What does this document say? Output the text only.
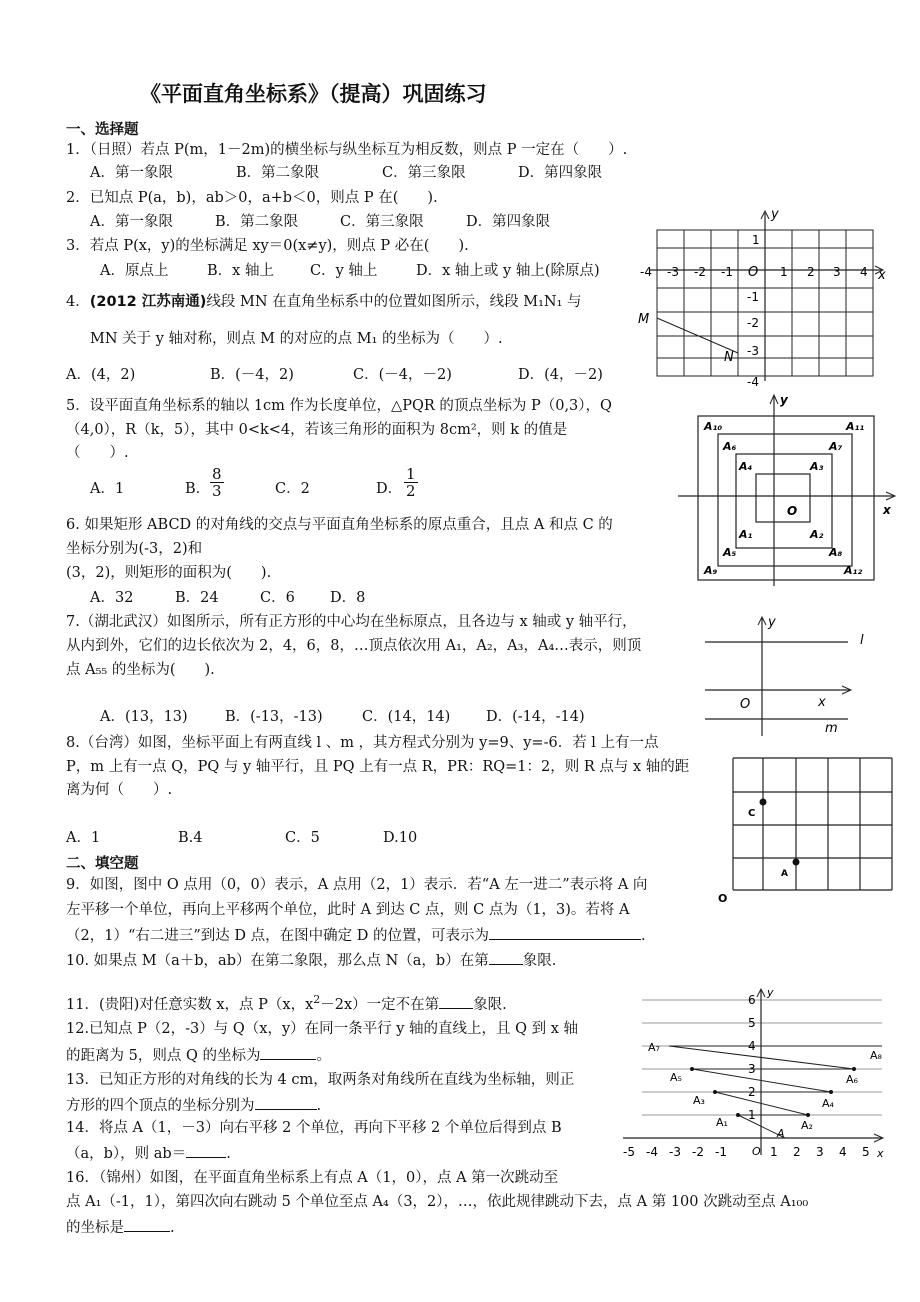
《平面直角坐标系》（提高）巩固练习
一、选择题
1．（日照）若点 P(m，1－2m)的横坐标与纵坐标互为相反数，则点 P 一定在（　　）.
A．第一象限	B．第二象限	C．第三象限	D．第四象限
2．已知点 P(a，b)，ab＞0，a+b＜0，则点 P 在(　　).
A．第一象限	B．第二象限	C．第三象限	D．第四象限
3．若点 P(x，y)的坐标满足 xy＝0(x≠y)，则点 P 必在(　　).
A．原点上	B．x 轴上 C．y 轴上	D．x 轴上或 y 轴上(除原点)
4．(2012 江苏南通)线段 MN 在直角坐标系中的位置如图所示，线段 M₁N₁ 与
MN 关于 y 轴对称，则点 M 的对应的点 M₁ 的坐标为（　　）.
A．(4，2)	B．(－4，2)	C．(－4，－2)	D．(4，－2)
5．设平面直角坐标系的轴以 1cm 作为长度单位，△PQR 的顶点坐标为 P（0,3），Q
（4,0），R（k，5），其中 0<k<4，若该三角形的面积为 8cm²，则 k 的值是
（　　）.
A．1	B． $\frac{8}{3}$	C．2	D． $\frac{1}{2}$
6. 如果矩形 ABCD 的对角线的交点与平面直角坐标系的原点重合，且点 A 和点 C 的
坐标分别为(-3，2)和
(3，2)，则矩形的面积为(　　).
A．32	B．24	C．6 D．8
7.（湖北武汉）如图所示，所有正方形的中心均在坐标原点，且各边与 x 轴或 y 轴平行，
从内到外，它们的边长依次为 2，4，6，8，…顶点依次用 A₁，A₂，A₃，A₄…表示，则顶
点 A₅₅ 的坐标为(　　).
A．(13，13)	B．(-13，-13)	C．(14，14) D．(-14，-14)
8.（台湾）如图，坐标平面上有两直线 l 、m ，其方程式分别为 y=9、y=-6．若 l 上有一点
P，m 上有一点 Q，PQ 与 y 轴平行，且 PQ 上有一点 R，PR：RQ=1：2，则 R 点与 x 轴的距
离为何（　　）.
A．1	B.4	C．5	D.10
二、填空题
9．如图，图中 O 点用（0，0）表示，A 点用（2，1）表示．若“A 左一进二”表示将 A 向
左平移一个单位，再向上平移两个单位，此时 A 到达 C 点，则 C 点为（1，3)。若将 A
（2，1）“右二进三”到达 D 点，在图中确定 D 的位置，可表示为	.
10. 如果点 M（a＋b，ab）在第二象限，那么点 N（a，b）在第 象限.
11．(贵阳)对任意实数 x，点 P（x，$x^2-2x$）一定不在第 象限.
12.已知点 P（2，-3）与 Q（x，y）在同一条平行 y 轴的直线上，且 Q 到 x 轴
的距离为 5，则点 Q 的坐标为	。
13．已知正方形的对角线的长为 4 cm，取两条对角线所在直线为坐标轴，则正
方形的四个顶点的坐标分别为	.
14．将点 A（1，－3）向右平移 2 个单位，再向下平移 2 个单位后得到点 B
（a，b），则 ab＝	.
16．（锦州）如图，在平面直角坐标系上有点 A（1，0），点 A 第一次跳动至
点 A₁（-1，1），第四次向右跳动 5 个单位至点 A₄（3，2），…，依此规律跳动下去，点 A 第 100 次跳动至点 A₁₀₀
的坐标是	.
y
x
O
M
N
-4 -3 -2 -1	1 2 3 4
1
-1
-2
-3
-4
y
x
O
A₁₀	A₁₁
A₆	A₇
A₄	A₃
A₁	A₂
A₅	A₈
A₉	A₁₂
y
x
O
l
m
C
A
O
y
x
O
-5 -4 -3 -2 -1	1 2 3 4 5
1
2
3
4
5
6
A₇
A₈
A₅	A₆
A₃	A₄
A₁	A₂
A
